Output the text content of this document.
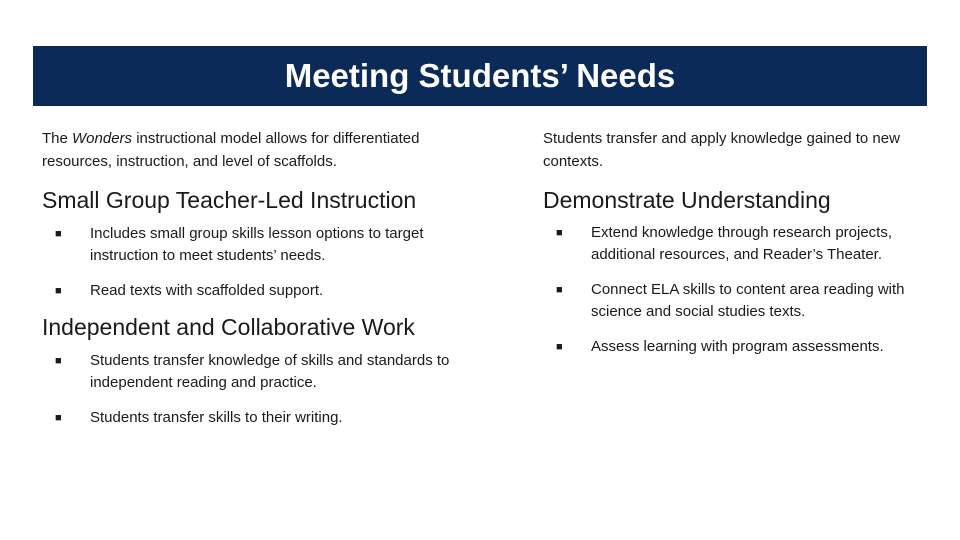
Meeting Students’ Needs

The Wonders instructional model allows for differentiated resources, instruction, and level of scaffolds.

Small Group Teacher-Led Instruction
■	Includes small group skills lesson options to target instruction to meet students’ needs.
■	Read texts with scaffolded support.
Independent and Collaborative Work
■	Students transfer knowledge of skills and standards to independent reading and practice.
■	Students transfer skills to their writing.

Students transfer and apply knowledge gained to new contexts.

Demonstrate Understanding
■	Extend knowledge through research projects, additional resources, and Reader’s Theater.
■	Connect ELA skills to content area reading with science and social studies texts.
■	Assess learning with program assessments.
